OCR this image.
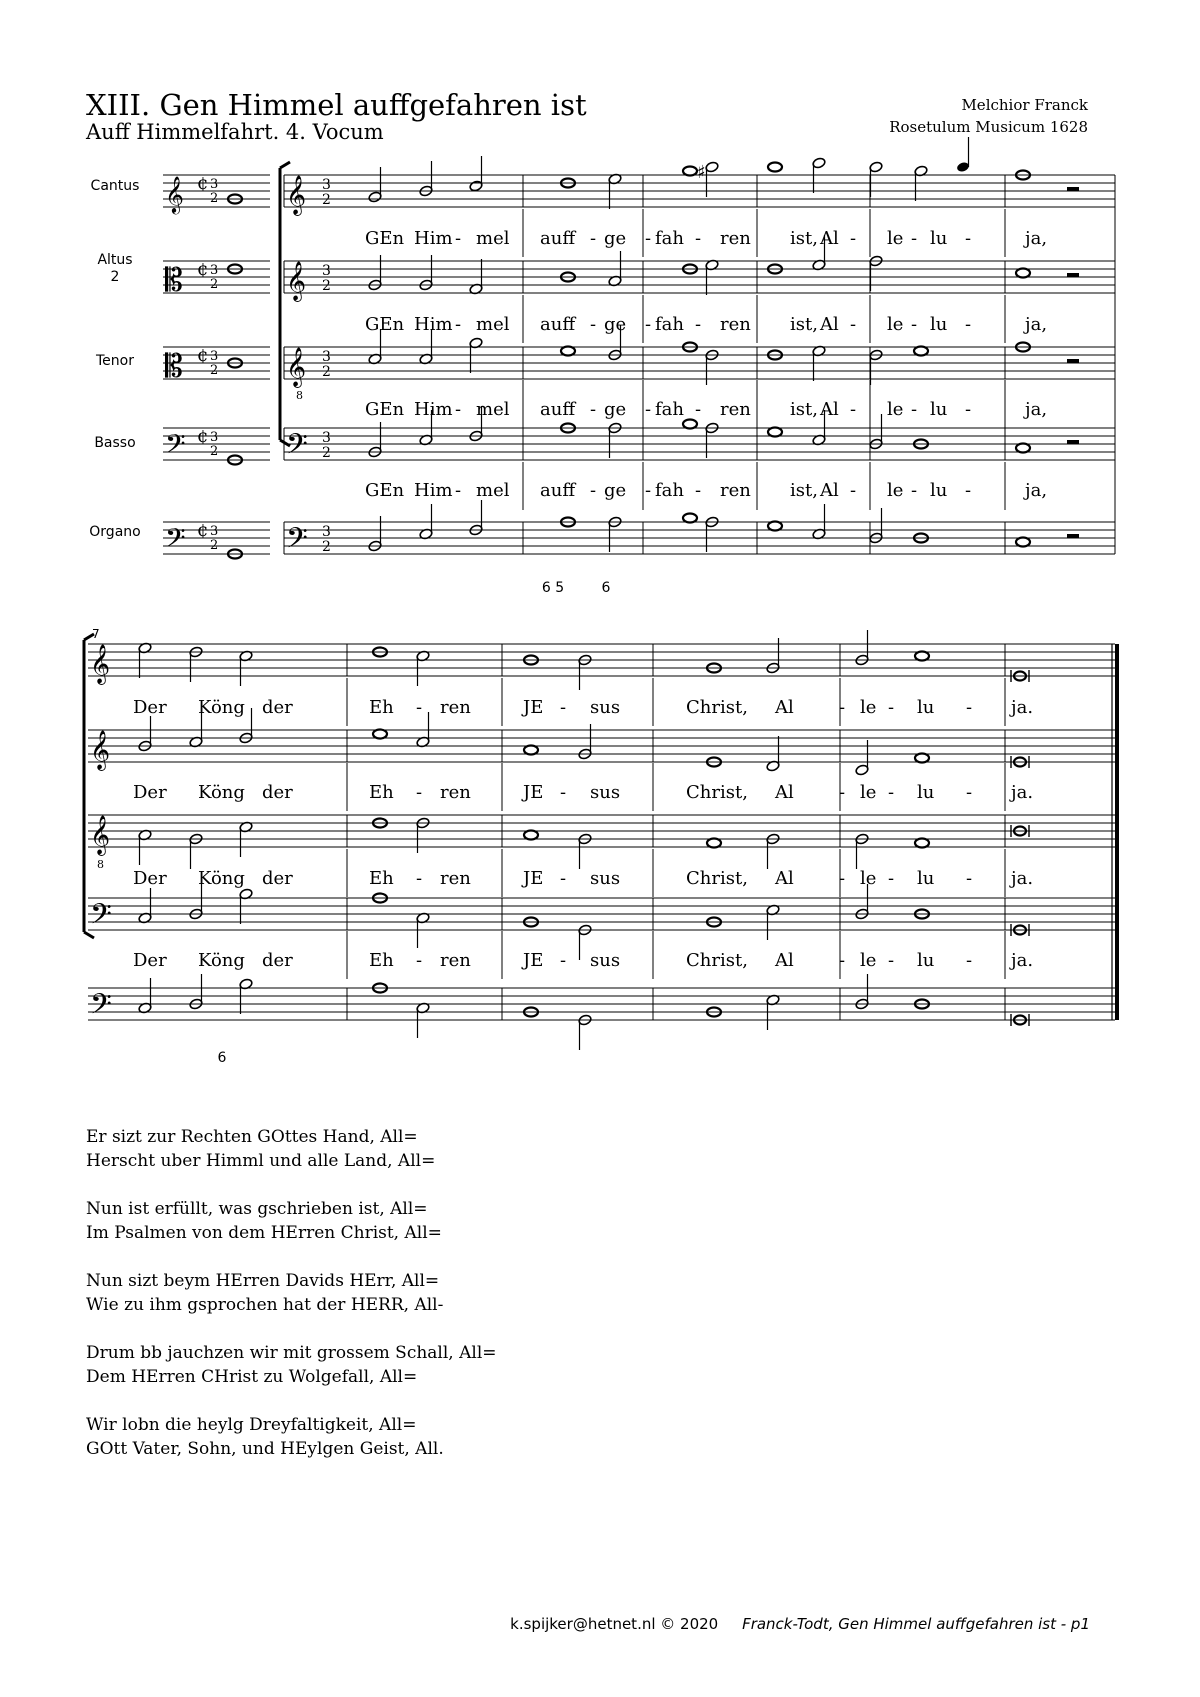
XIII. Gen Himmel auffgefahren ist
Auff Himmelfahrt. 4. Vocum
Melchior Franck
Rosetulum Musicum 1628
𝄞 ¢ 3
2
𝄡 ¢ 3
2
𝄡 ¢ 3
2
𝄢 ¢ 3
2
𝄢 ¢ 3
2
Cantus
Altus
2
Tenor
Basso
Organo
𝄞 3
2
𝄞 3
2
𝄞 3
2
𝄢 3
2
𝄢 3
2
8
♯
GEn Him - mel auff - ge - fah - ren ist, Al - le - lu -	ja,
GEn Him - mel auff - ge - fah - ren ist, Al - le - lu -	ja,
GEn Him - mel auff - ge - fah - ren ist, Al - le - lu -	ja,
GEn Him - mel auff - ge - fah - ren ist, Al - le - lu -	ja,
6 5	6
𝄞
𝄞
𝄞
𝄢
𝄢
8
7
Der Köng der	Eh - ren	JE - sus	Christ, Al	- le - lu - ja.
Der Köng der	Eh - ren	JE - sus	Christ, Al	- le - lu - ja.
Der Köng der	Eh - ren	JE - sus	Christ, Al	- le - lu - ja.
Der Köng der	Eh - ren	JE - sus	Christ, Al	- le - lu - ja.
6
Er sizt zur Rechten GOttes Hand, All=
Herscht uber Himml und alle Land, All=
Nun ist erfüllt, was gschrieben ist, All=
Im Psalmen von dem HErren Christ, All=
Nun sizt beym HErren Davids HErr, All=
Wie zu ihm gsprochen hat der HERR, All-
Drum bb jauchzen wir mit grossem Schall, All=
Dem HErren CHrist zu Wolgefall, All=
Wir lobn die heylg Dreyfaltigkeit, All=
GOtt Vater, Sohn, und HEylgen Geist, All.
k.spijker@hetnet.nl © 2020 Franck-Todt, Gen Himmel auffgefahren ist - p1
